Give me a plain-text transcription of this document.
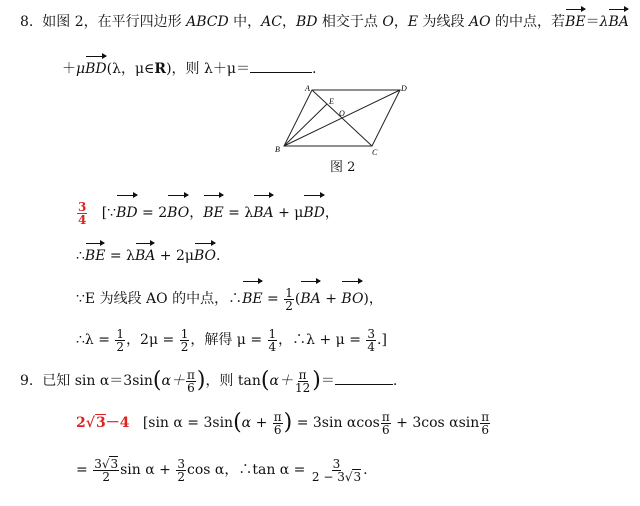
8. 如图 2，在平行四边形 ABCD 中，AC，BD 相交于点 O，E 为线段 AO 的中点，若BE＝λBA
＋μBD(λ，μ∈R)，则 λ＋μ＝	.
A	D
B	C
E
O
图 2
$\frac{3}{4}$ [∵BD = 2BO，BE = λBA + μBD，
∴BE = λBA + 2μBO.
∵E 为线段 AO 的中点，∴BE = $\frac{1}{2} (BA + BO)$，
∴λ = $\frac{1}{2}$ ，$2\mu = \frac{1}{2}$ ，解得 $\mu = \frac{1}{4}$ ，∴λ + $\mu = \frac{3}{4}$ .]
9. 已知 $\sin \alpha=3\sin(\alpha+ \frac{\pi}{6}$ )，则 $\tan(\alpha+ \frac{\pi}{12}$ )＝	.
2√3－4 [sin $\alpha = 3\sin(\alpha + \frac{\pi}{6}$ ) = 3sin αcos $\frac{\pi}{6} + 3\cos$ αsin $\frac{\pi}{6}$
= $\frac{3√3}{2}$ $\sin \alpha + \frac{3}{2}$ cos α，∴tan $\alpha = \frac{3}{2 - 3√3}$ .
